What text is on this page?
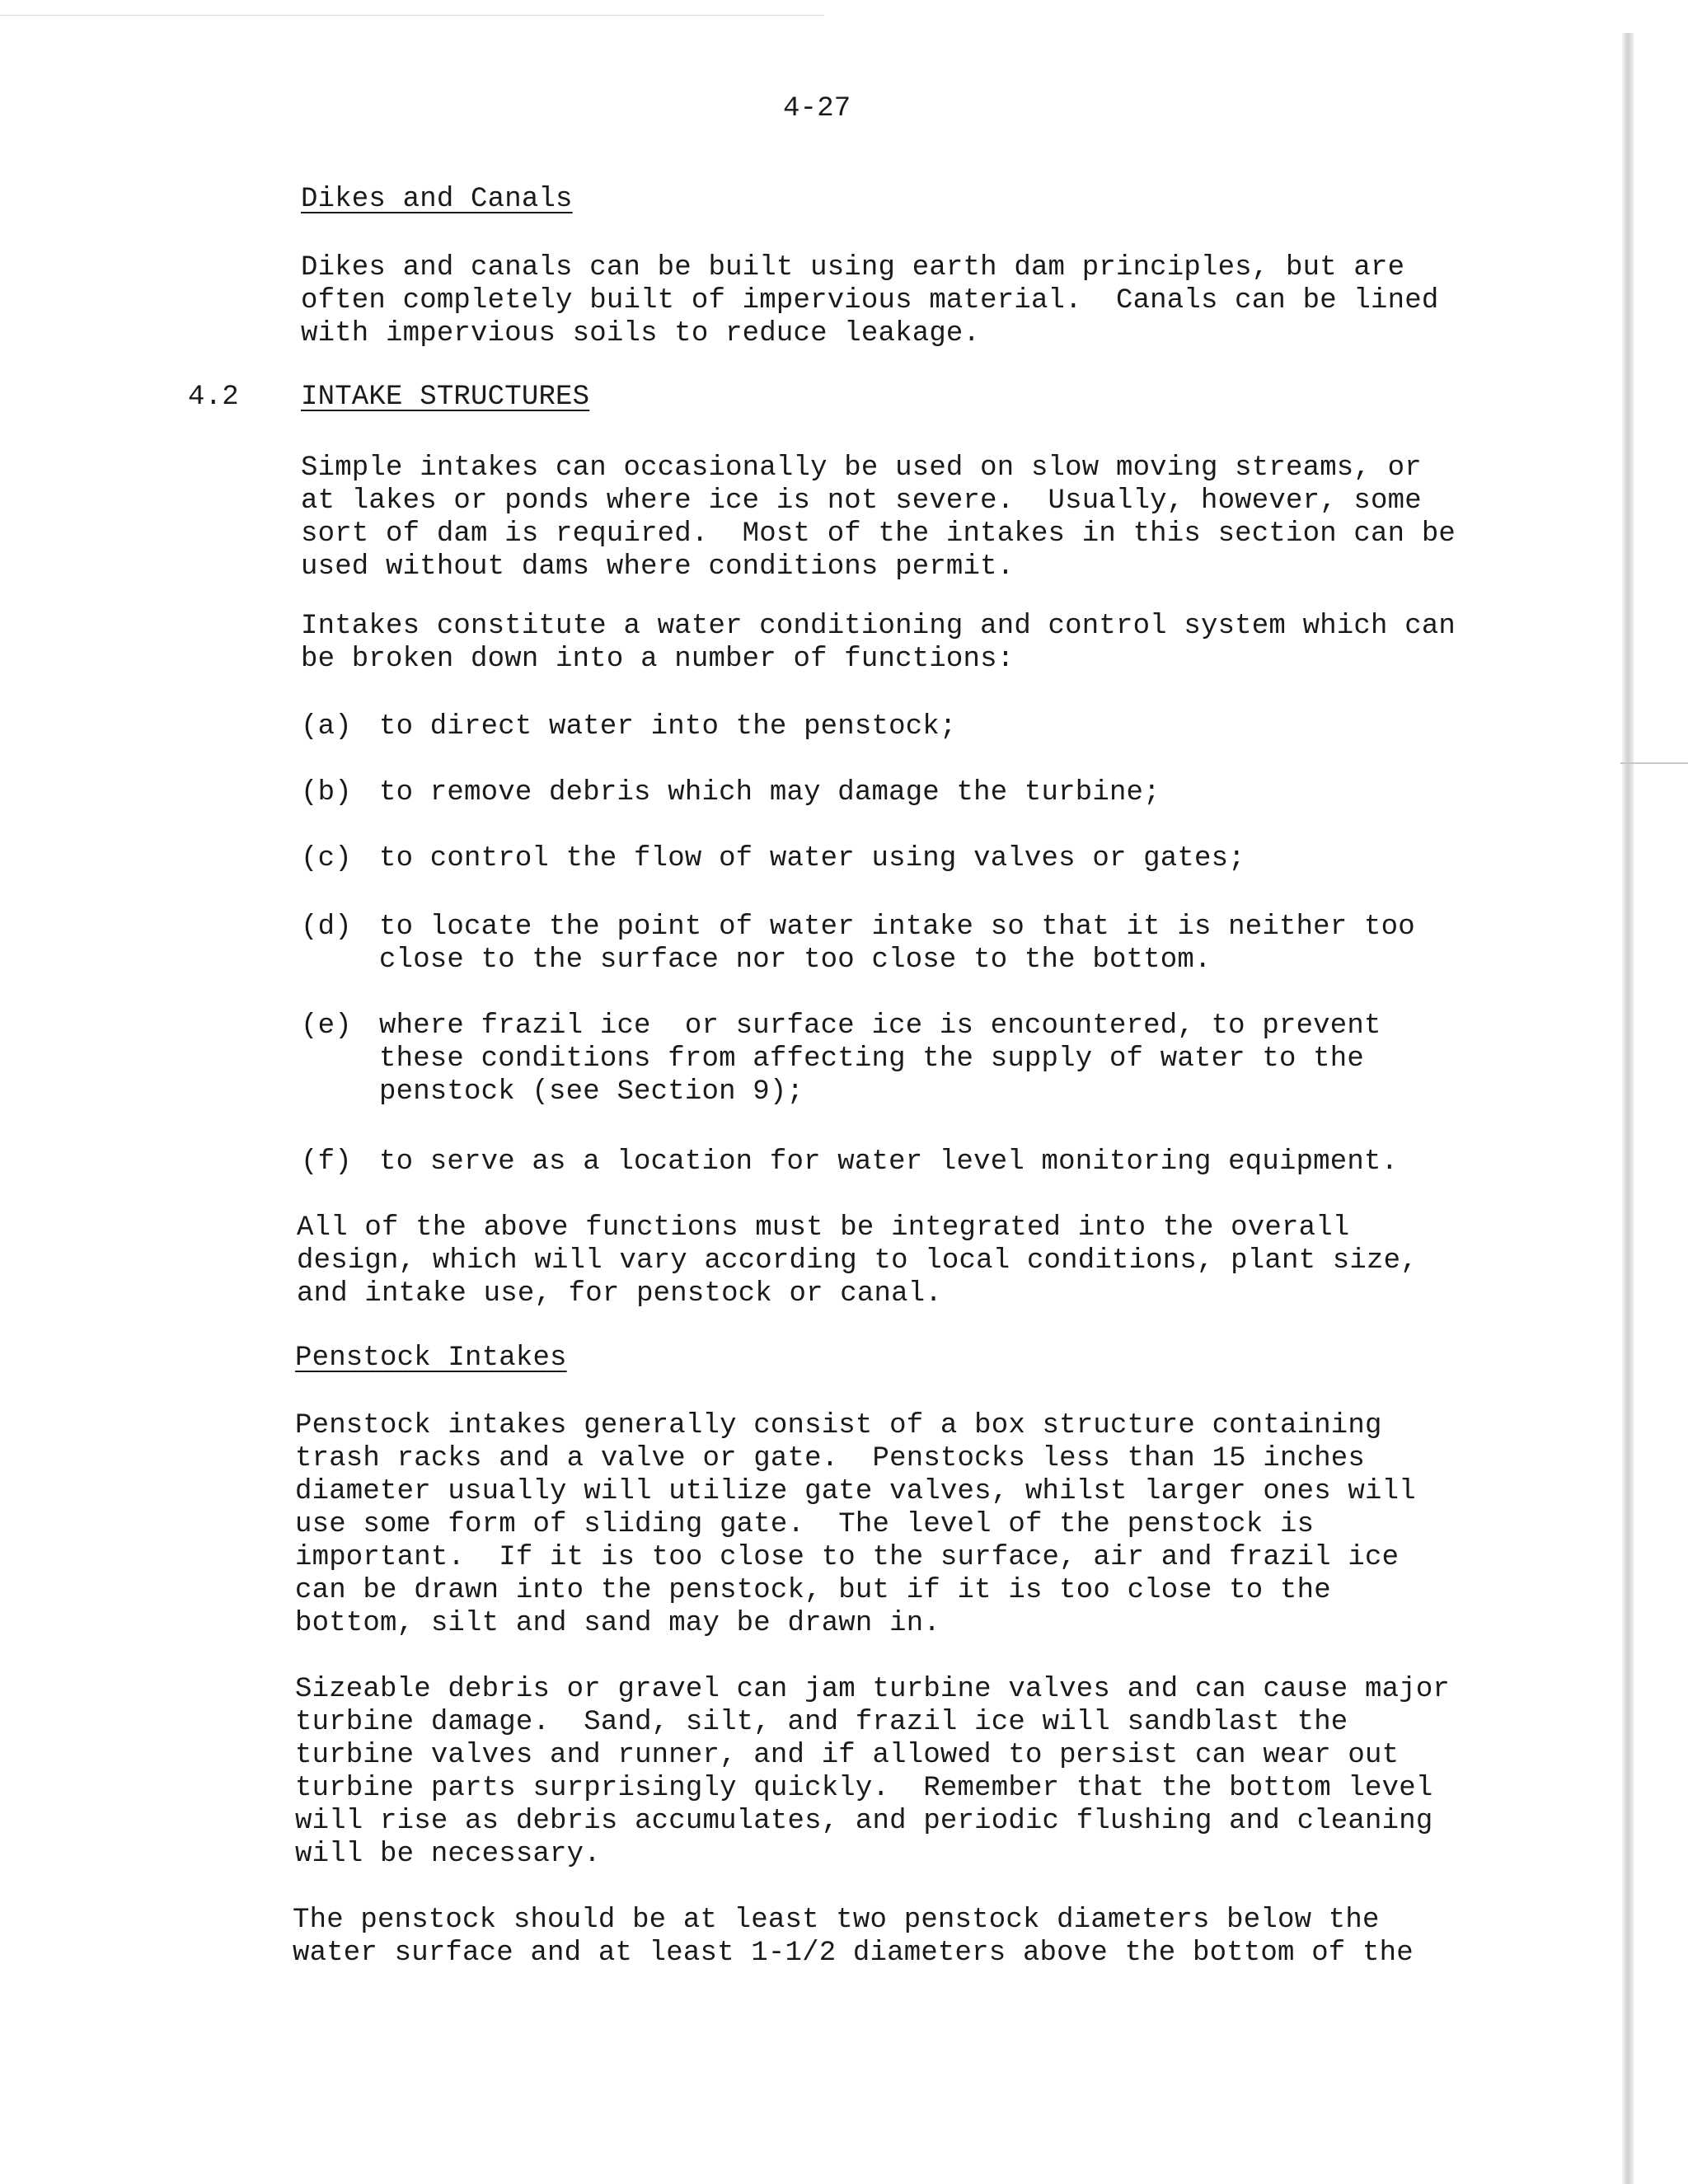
4-27
Dikes and Canals
Dikes and canals can be built using earth dam principles, but are
often completely built of impervious material.  Canals can be lined
with impervious soils to reduce leakage.
4.2 INTAKE STRUCTURES
Simple intakes can occasionally be used on slow moving streams, or
at lakes or ponds where ice is not severe.  Usually, however, some
sort of dam is required.  Most of the intakes in this section can be
used without dams where conditions permit.
Intakes constitute a water conditioning and control system which can
be broken down into a number of functions:
(a) to direct water into the penstock;
(b) to remove debris which may damage the turbine;
(c) to control the flow of water using valves or gates;
(d) to locate the point of water intake so that it is neither too
close to the surface nor too close to the bottom.
(e) where frazil ice  or surface ice is encountered, to prevent
these conditions from affecting the supply of water to the
penstock (see Section 9);
(f) to serve as a location for water level monitoring equipment.
All of the above functions must be integrated into the overall
design, which will vary according to local conditions, plant size,
and intake use, for penstock or canal.
Penstock Intakes
Penstock intakes generally consist of a box structure containing
trash racks and a valve or gate.  Penstocks less than 15 inches
diameter usually will utilize gate valves, whilst larger ones will
use some form of sliding gate.  The level of the penstock is
important.  If it is too close to the surface, air and frazil ice
can be drawn into the penstock, but if it is too close to the
bottom, silt and sand may be drawn in.
Sizeable debris or gravel can jam turbine valves and can cause major
turbine damage.  Sand, silt, and frazil ice will sandblast the
turbine valves and runner, and if allowed to persist can wear out
turbine parts surprisingly quickly.  Remember that the bottom level
will rise as debris accumulates, and periodic flushing and cleaning
will be necessary.
The penstock should be at least two penstock diameters below the
water surface and at least 1-1/2 diameters above the bottom of the
